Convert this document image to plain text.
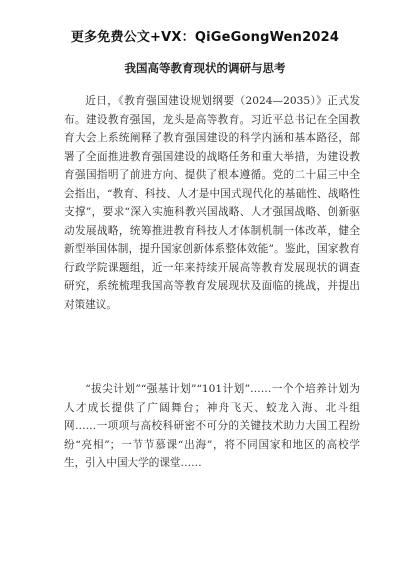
更多免费公文+VX：QiGeGongWen2024
我国高等教育现状的调研与思考

近日，《教育强国建设规划纲要（2024—2035）》正式发布。建设教育强国，龙头是高等教育。习近平总书记在全国教育大会上系统阐释了教育强国建设的科学内涵和基本路径，部署了全面推进教育强国建设的战略任务和重大举措，为建设教育强国指明了前进方向、提供了根本遵循。党的二十届三中全会指出，“教育、科技、人才是中国式现代化的基础性、战略性支撑”，要求“深入实施科教兴国战略、人才强国战略、创新驱动发展战略，统筹推进教育科技人才体制机制一体改革，健全新型举国体制，提升国家创新体系整体效能”。鉴此，国家教育行政学院课题组，近一年来持续开展高等教育发展现状的调查研究，系统梳理我国高等教育发展现状及面临的挑战，并提出对策建议。

“拔尖计划”“强基计划”“101计划”……一个个培养计划为人才成长提供了广阔舞台；神舟飞天、蛟龙入海、北斗组网……一项项与高校科研密不可分的关键技术助力大国工程纷纷“亮相”；一节节慕课“出海”，将不同国家和地区的高校学生，引入中国大学的课堂……
